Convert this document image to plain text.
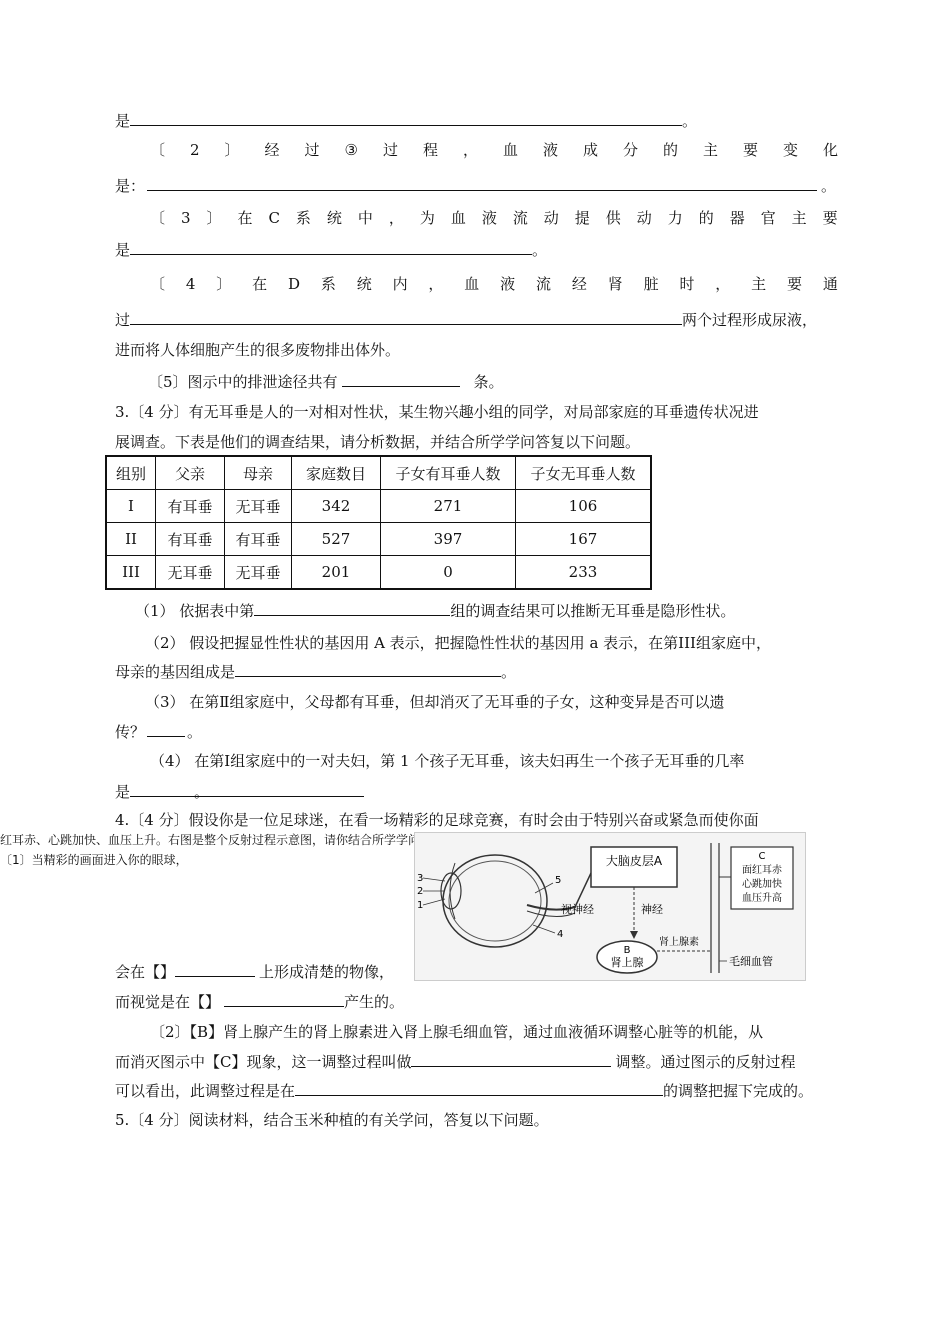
是	。
〔 2 〕 经 过 ③ 过 程 ， 血 液 成 分 的 主 要 变 化
是：	。
〔 3 〕 在 C 系 统 中 ， 为 血 液 流 动 提 供 动 力 的 器 官 主 要
是	。
〔 4 〕 在 D 系 统 内 ， 血 液 流 经 肾 脏 时 ， 主 要 通
过	两个过程形成尿液，
进而将人体细胞产生的很多废物排出体外。
〔5〕图示中的排泄途径共有	条。
3.〔4 分〕有无耳垂是人的一对相对性状，某生物兴趣小组的同学，对局部家庭的耳垂遗传状况进
展调查。下表是他们的调查结果，请分析数据，并结合所学学问答复以下问题。
组别	父亲	母亲	家庭数目	子女有耳垂人数	子女无耳垂人数
I	有耳垂	无耳垂	342	271	106
II	有耳垂	有耳垂	527	397	167
III	无耳垂	无耳垂	201	0	233
（1） 依据表中第	组的调查结果可以推断无耳垂是隐形性状。
（2） 假设把握显性性状的基因用 A 表示，把握隐性性状的基因用 a 表示，在第III组家庭中，
母亲的基因组成是	。
（3） 在第Ⅱ组家庭中，父母都有耳垂，但却消灭了无耳垂的子女，这种变异是否可以遗
传？	。
（4） 在第Ⅰ组家庭中的一对夫妇，第 1 个孩子无耳垂，该夫妇再生一个孩子无耳垂的几率
是	。
4.〔4 分〕假设你是一位足球迷，在看一场精彩的足球竞赛，有时会由于特别兴奋或紧急而使你面
红耳赤、心跳加快、血压上升。右图是整个反射过程示意图，请你结合所学学问，答复以下问题：
〔1〕当精彩的画面进入你的眼球，
3
2
1
5
4
视神经
大脑皮层A
神经
B
肾上腺
肾上腺素
毛细血管
C
面红耳赤
心跳加快
血压升高
会在【】	上形成清楚的物像，
而视觉是在【】	产生的。
〔2〕【B】肾上腺产生的肾上腺素进入肾上腺毛细血管，通过血液循环调整心脏等的机能，从
而消灭图示中【C】现象，这一调整过程叫做	调整。通过图示的反射过程
可以看出，此调整过程是在	的调整把握下完成的。
5.〔4 分〕阅读材料，结合玉米种植的有关学问，答复以下问题。
